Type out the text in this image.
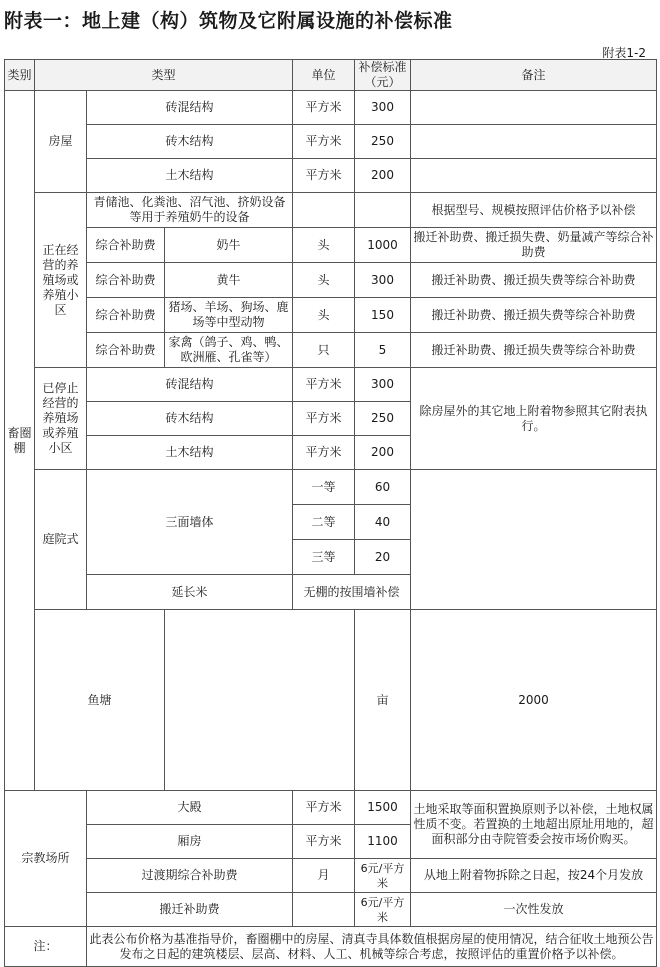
附表一：地上建（构）筑物及它附属设施的补偿标准
附表1-2
类别	类型			单位	补偿标准（元）	备注	
畜圈棚	房屋	砖混结构		平方米	300		
		砖木结构		平方米	250		
		土木结构		平方米	200		
	正在经营的养殖场或养殖小区	青储池、化粪池、沼气池、挤奶设备等用于养殖奶牛的设备				根据型号、规模按照评估价格予以补偿	
		综合补助费	奶牛	头	1000	搬迁补助费、搬迁损失费、奶量减产等综合补助费	
		综合补助费	黄牛	头	300	搬迁补助费、搬迁损失费等综合补助费	
		综合补助费	猪场、羊场、狗场、鹿场等中型动物	头	150	搬迁补助费、搬迁损失费等综合补助费	
		综合补助费	家禽（鸽子、鸡、鸭、欧洲雁、孔雀等）	只	5	搬迁补助费、搬迁损失费等综合补助费	
	已停止经营的养殖场或养殖小区	砖混结构		平方米	300	除房屋外的其它地上附着物参照其它附表执行。	
		砖木结构		平方米	250		
		土木结构		平方米	200		
	庭院式	三面墙体		一等	60		
				二等	40		
				三等	20		
		延长米		无棚的按围墙补偿			
	鱼塘				亩	2000	
宗教场所		大殿		平方米	1500	土地采取等面积置换原则予以补偿，土地权属性质不变。若置换的土地超出原址用地的，超面积部分由寺院管委会按市场价购买。	
		厢房		平方米	1100		
		过渡期综合补助费		月	6元/平方米	从地上附着物拆除之日起，按24个月发放	
		搬迁补助费			6元/平方米	一次性发放	
注：		此表公布价格为基准指导价，畜圈棚中的房屋、清真寺具体数值根据房屋的使用情况，结合征收土地预公告发布之日起的建筑楼层、层高、材料、人工、机械等综合考虑，按照评估的重置价格予以补偿。					
